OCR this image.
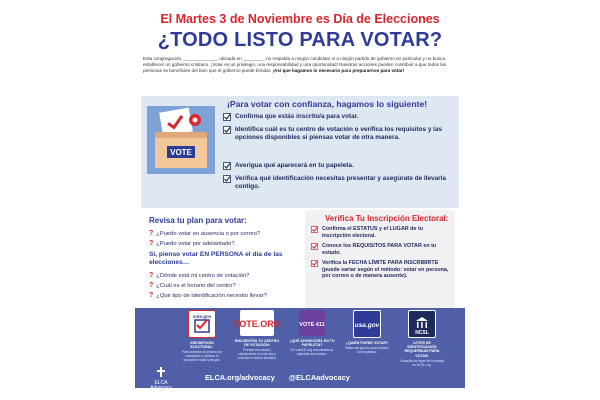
El Martes 3 de Noviembre es Día de Elecciones
¿TODO LISTO PARA VOTAR?
Esta congregación, _____________, ubicada en ________, no respalda a ningún candidato ni a ningún partido de gobierno en particular y no busca establecer un gobierno cristiano. ¡Votar es un privilegio, una responsabilidad y una oportunidad! Nuestras acciones pueden contribuir a que todos las personas se beneficien del bien que el gobierno puede brindar. ¡Así que hagamos lo necesario para prepararnos para votar!
VOTE
¡Para votar con confianza, hagamos lo siguiente!
Confirma que estás inscrito/a para votar.
Identifica cuál es tu centro de votación o verifica los requisitos y las opciones disponibles si piensas votar de otra manera.
Averigua qué aparecerá en tu papeleta.
Verifica qué identificación necesitas presentar y asegúrate de llevarla contigo.
Revisa tu plan para votar:
? ¿Puedo votar en ausencia o por correo?
? ¿Puedo votar por adelantado?
Si, pienso votar EN PERSONA el día de las elecciones…
? ¿Dónde está mi centro de votación?
? ¿Cuál es el horario del centro?
? ¿Qué tipo de identificación necesito llevar?
Verifica Tu Inscripción Electoral:
Confirma el ESTATUS y el LUGAR de tu inscripción electoral.
Conoce los REQUISITOS PARA VOTAR en tu estado.
Verifica la FECHA LÍMITE PARA INSCRIBIRTE (puede variar según el método: votar en persona, por correo o de manera ausente).
vote.gov
INSCRIPCIÓN ELECTORAL:
Para conectar al proceso de inscripción o verificar tu inscripción visita vote.gov.
VOTE.ORG
ENCUENTRA TU CENTRO DE VOTACIÓN:
Puedes encontrarlo rápidamente en vote.org o consulta tu oficina electoral.
VOTE 411
¿QUÉ APARECERÁ EN TU PAPELETA?
En vote411.org encontrarás tu papeleta de muestra.
usa.gov
¿QUIÉN PUEDE VOTAR?
Visita usa.gov/es para conocer los requisitos.
NCSL
LEYES DE IDENTIFICACIÓN REQUERIDAS PARA VOTAR:
Consulta las leyes de tu estado en NCSL.org.
ELCA
Advocacy
ELCA.org/advocacy @ELCAadvocacy
